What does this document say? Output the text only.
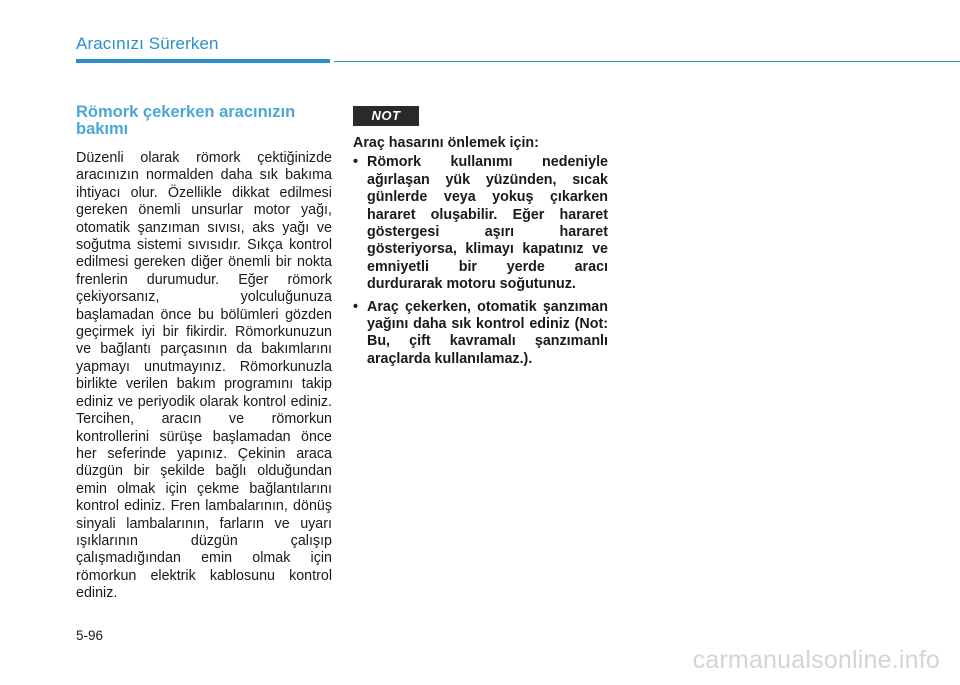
Aracınızı Sürerken
Römork çekerken aracınızın
bakımı

Düzenli olarak römork çektiğinizde aracınızın normalden daha sık bakıma ihtiyacı olur. Özellikle dikkat edilmesi gereken önemli unsurlar motor yağı, otomatik şanzıman sıvısı, aks yağı ve soğutma sistemi sıvısıdır. Sıkça kontrol edilmesi gereken diğer önemli bir nokta frenlerin durumudur. Eğer römork çekiyorsanız, yolculuğunuza başlamadan önce bu bölümleri gözden geçirmek iyi bir fikirdir. Römorkunuzun ve bağlantı parçasının da bakımlarını yapmayı unutmayınız. Römorkunuzla birlikte verilen bakım programını takip ediniz ve periyodik olarak kontrol ediniz. Tercihen, aracın ve römorkun kontrollerini sürüşe başlamadan önce her seferinde yapınız. Çekinin araca düzgün bir şekilde bağlı olduğundan emin olmak için çekme bağlantılarını kontrol ediniz. Fren lambalarının, dönüş sinyali lambalarının, farların ve uyarı ışıklarının düzgün çalışıp çalışmadığından emin olmak için römorkun elektrik kablosunu kontrol ediniz.

NOT
Araç hasarını önlemek için:
• Römork kullanımı nedeniyle ağırlaşan yük yüzünden, sıcak günlerde veya yokuş çıkarken hararet oluşabilir. Eğer hararet göstergesi aşırı hararet gösteriyorsa, klimayı kapatınız ve emniyetli bir yerde aracı durdurarak motoru soğutunuz.
• Araç çekerken, otomatik şanzıman yağını daha sık kontrol ediniz (Not: Bu, çift kavramalı şanzımanlı araçlarda kullanılamaz.).
5-96
carmanualsonline.info
